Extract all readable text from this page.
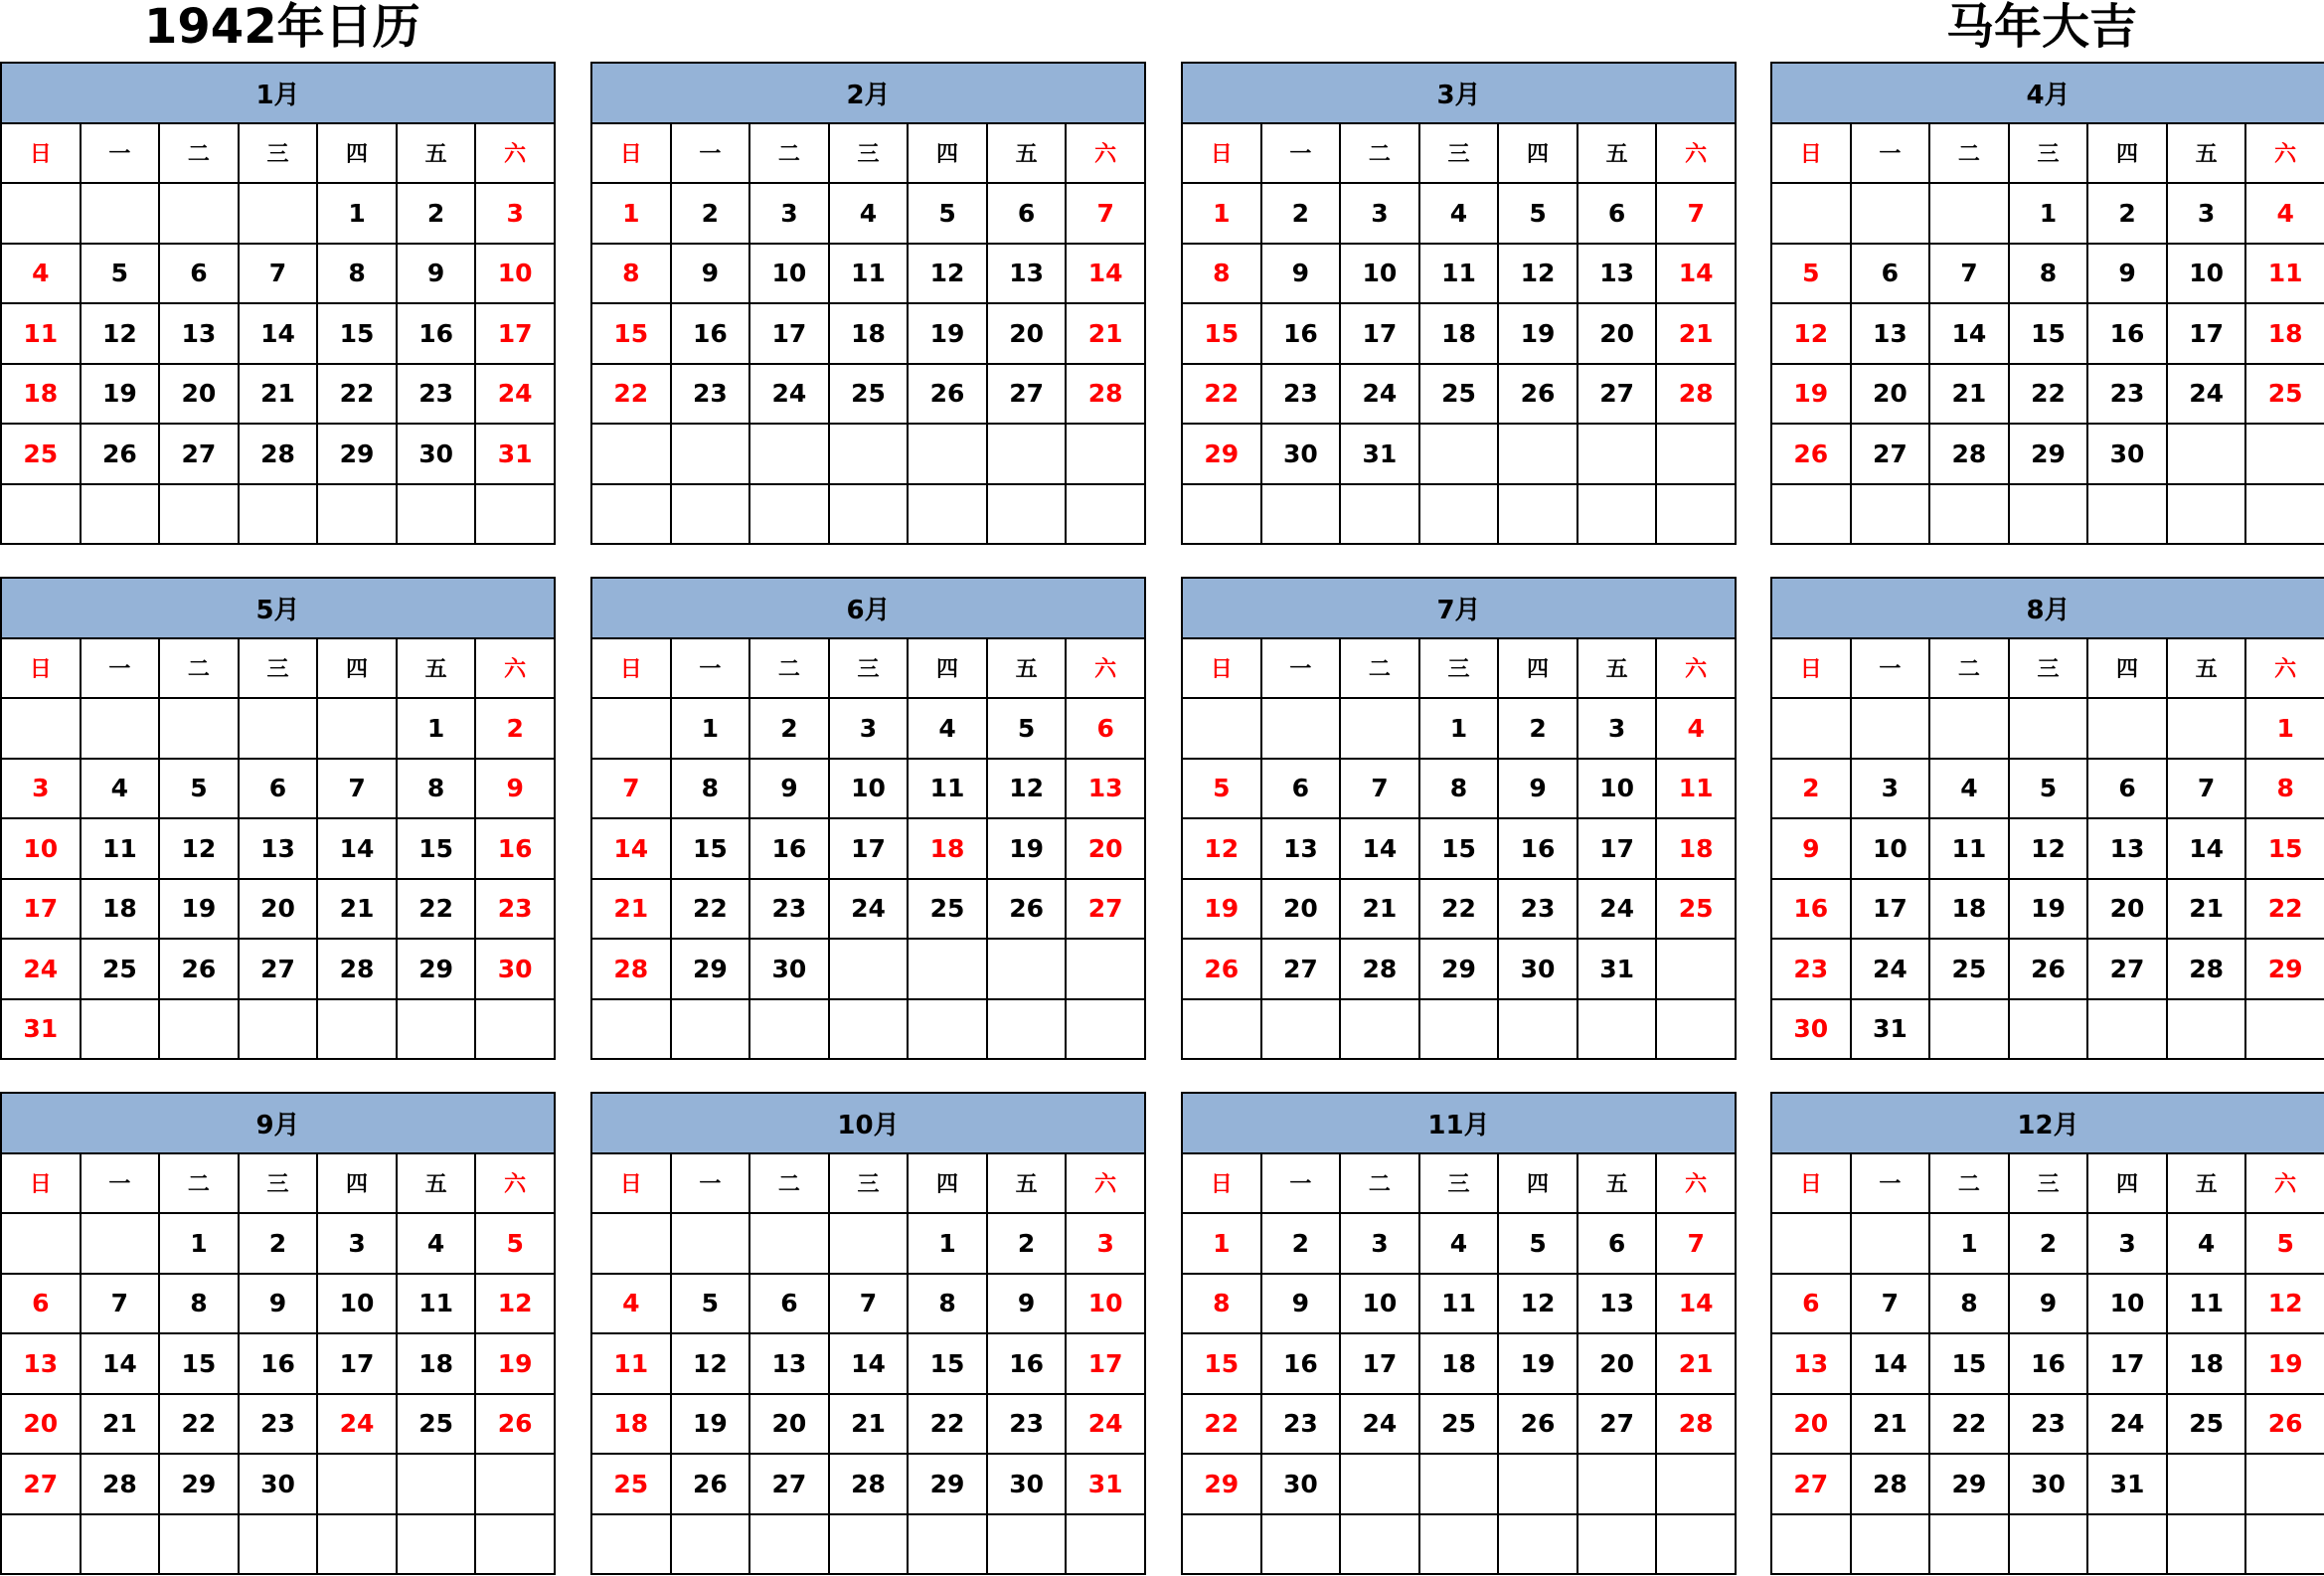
1942年日历	马年大吉
1月						
日	一	二	三	四	五	六
				1	2	3
4	5	6	7	8	9	10
11	12	13	14	15	16	17
18	19	20	21	22	23	24
25	26	27	28	29	30	31

2月						
日	一	二	三	四	五	六
1	2	3	4	5	6	7
8	9	10	11	12	13	14
15	16	17	18	19	20	21
22	23	24	25	26	27	28

3月						
日	一	二	三	四	五	六
1	2	3	4	5	6	7
8	9	10	11	12	13	14
15	16	17	18	19	20	21
22	23	24	25	26	27	28
29	30	31				

4月						
日	一	二	三	四	五	六
			1	2	3	4
5	6	7	8	9	10	11
12	13	14	15	16	17	18
19	20	21	22	23	24	25
26	27	28	29	30		

5月						
日	一	二	三	四	五	六
					1	2
3	4	5	6	7	8	9
10	11	12	13	14	15	16
17	18	19	20	21	22	23
24	25	26	27	28	29	30
31						
6月						
日	一	二	三	四	五	六
	1	2	3	4	5	6
7	8	9	10	11	12	13
14	15	16	17	18	19	20
21	22	23	24	25	26	27
28	29	30				

7月						
日	一	二	三	四	五	六
			1	2	3	4
5	6	7	8	9	10	11
12	13	14	15	16	17	18
19	20	21	22	23	24	25
26	27	28	29	30	31	

8月						
日	一	二	三	四	五	六
						1
2	3	4	5	6	7	8
9	10	11	12	13	14	15
16	17	18	19	20	21	22
23	24	25	26	27	28	29
30	31					
9月						
日	一	二	三	四	五	六
		1	2	3	4	5
6	7	8	9	10	11	12
13	14	15	16	17	18	19
20	21	22	23	24	25	26
27	28	29	30			

10月						
日	一	二	三	四	五	六
				1	2	3
4	5	6	7	8	9	10
11	12	13	14	15	16	17
18	19	20	21	22	23	24
25	26	27	28	29	30	31

11月						
日	一	二	三	四	五	六
1	2	3	4	5	6	7
8	9	10	11	12	13	14
15	16	17	18	19	20	21
22	23	24	25	26	27	28
29	30					

12月						
日	一	二	三	四	五	六
		1	2	3	4	5
6	7	8	9	10	11	12
13	14	15	16	17	18	19
20	21	22	23	24	25	26
27	28	29	30	31		
